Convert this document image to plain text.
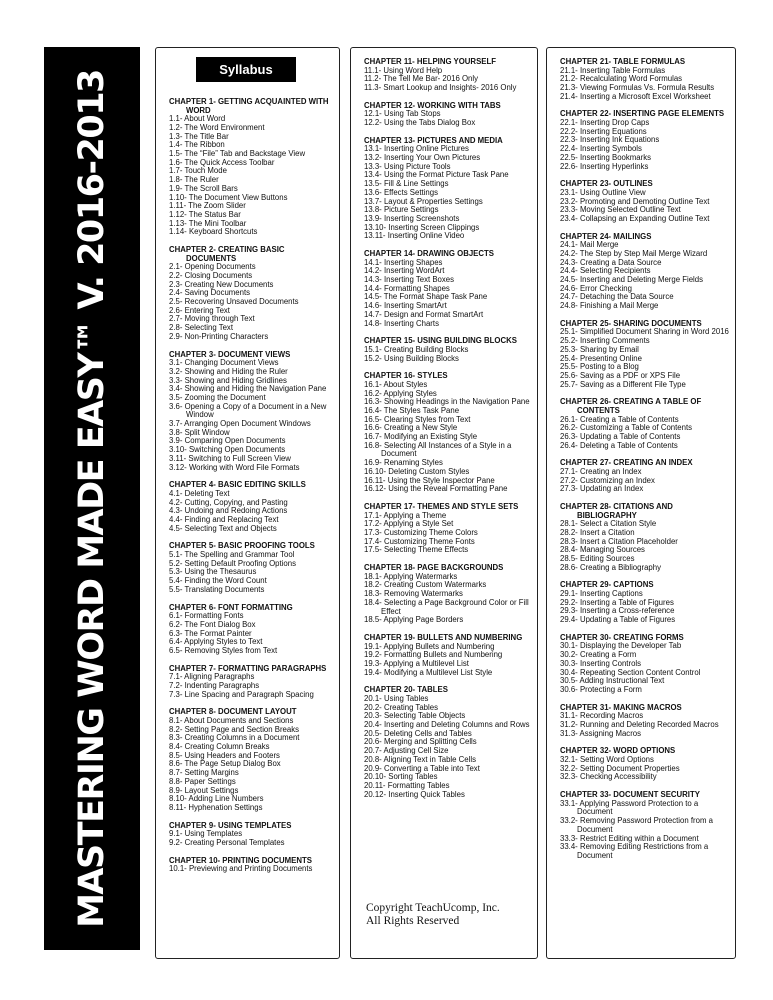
MASTERING WORD MADE EASY™ V. 2016-2013
Syllabus
CHAPTER 1- GETTING ACQUAINTED WITH WORD
1.1- About Word
1.2- The Word Environment
1.3- The Title Bar
1.4- The Ribbon
1.5- The “File” Tab and Backstage View
1.6- The Quick Access Toolbar
1.7- Touch Mode
1.8- The Ruler
1.9- The Scroll Bars
1.10- The Document View Buttons
1.11- The Zoom Slider
1.12- The Status Bar
1.13- The Mini Toolbar
1.14- Keyboard Shortcuts
CHAPTER 2- CREATING BASIC DOCUMENTS
2.1- Opening Documents
2.2- Closing Documents
2.3- Creating New Documents
2.4- Saving Documents
2.5- Recovering Unsaved Documents
2.6- Entering Text
2.7- Moving through Text
2.8- Selecting Text
2.9- Non-Printing Characters
CHAPTER 3- DOCUMENT VIEWS
3.1- Changing Document Views
3.2- Showing and Hiding the Ruler
3.3- Showing and Hiding Gridlines
3.4- Showing and Hiding the Navigation Pane
3.5- Zooming the Document
3.6- Opening a Copy of a Document in a New Window
3.7- Arranging Open Document Windows
3.8- Split Window
3.9- Comparing Open Documents
3.10- Switching Open Documents
3.11- Switching to Full Screen View
3.12- Working with Word File Formats
CHAPTER 4- BASIC EDITING SKILLS
4.1- Deleting Text
4.2- Cutting, Copying, and Pasting
4.3- Undoing and Redoing Actions
4.4- Finding and Replacing Text
4.5- Selecting Text and Objects
CHAPTER 5- BASIC PROOFING TOOLS
5.1- The Spelling and Grammar Tool
5.2- Setting Default Proofing Options
5.3- Using the Thesaurus
5.4- Finding the Word Count
5.5- Translating Documents
CHAPTER 6- FONT FORMATTING
6.1- Formatting Fonts
6.2- The Font Dialog Box
6.3- The Format Painter
6.4- Applying Styles to Text
6.5- Removing Styles from Text
CHAPTER 7- FORMATTING PARAGRAPHS
7.1- Aligning Paragraphs
7.2- Indenting Paragraphs
7.3- Line Spacing and Paragraph Spacing
CHAPTER 8- DOCUMENT LAYOUT
8.1- About Documents and Sections
8.2- Setting Page and Section Breaks
8.3- Creating Columns in a Document
8.4- Creating Column Breaks
8.5- Using Headers and Footers
8.6- The Page Setup Dialog Box
8.7- Setting Margins
8.8- Paper Settings
8.9- Layout Settings
8.10- Adding Line Numbers
8.11- Hyphenation Settings
CHAPTER 9- USING TEMPLATES
9.1- Using Templates
9.2- Creating Personal Templates
CHAPTER 10- PRINTING DOCUMENTS
10.1- Previewing and Printing Documents
CHAPTER 11- HELPING YOURSELF
11.1- Using Word Help
11.2- The Tell Me Bar- 2016 Only
11.3- Smart Lookup and Insights- 2016 Only
CHAPTER 12- WORKING WITH TABS
12.1- Using Tab Stops
12.2- Using the Tabs Dialog Box
CHAPTER 13- PICTURES AND MEDIA
13.1- Inserting Online Pictures
13.2- Inserting Your Own Pictures
13.3- Using Picture Tools
13.4- Using the Format Picture Task Pane
13.5- Fill & Line Settings
13.6- Effects Settings
13.7- Layout & Properties Settings
13.8- Picture Settings
13.9- Inserting Screenshots
13.10- Inserting Screen Clippings
13.11- Inserting Online Video
CHAPTER 14- DRAWING OBJECTS
14.1- Inserting Shapes
14.2- Inserting WordArt
14.3- Inserting Text Boxes
14.4- Formatting Shapes
14.5- The Format Shape Task Pane
14.6- Inserting SmartArt
14.7- Design and Format SmartArt
14.8- Inserting Charts
CHAPTER 15- USING BUILDING BLOCKS
15.1- Creating Building Blocks
15.2- Using Building Blocks
CHAPTER 16- STYLES
16.1- About Styles
16.2- Applying Styles
16.3- Showing Headings in the Navigation Pane
16.4- The Styles Task Pane
16.5- Clearing Styles from Text
16.6- Creating a New Style
16.7- Modifying an Existing Style
16.8- Selecting All Instances of a Style in a Document
16.9- Renaming Styles
16.10- Deleting Custom Styles
16.11- Using the Style Inspector Pane
16.12- Using the Reveal Formatting Pane
CHAPTER 17- THEMES AND STYLE SETS
17.1- Applying a Theme
17.2- Applying a Style Set
17.3- Customizing Theme Colors
17.4- Customizing Theme Fonts
17.5- Selecting Theme Effects
CHAPTER 18- PAGE BACKGROUNDS
18.1- Applying Watermarks
18.2- Creating Custom Watermarks
18.3- Removing Watermarks
18.4- Selecting a Page Background Color or Fill Effect
18.5- Applying Page Borders
CHAPTER 19- BULLETS AND NUMBERING
19.1- Applying Bullets and Numbering
19.2- Formatting Bullets and Numbering
19.3- Applying a Multilevel List
19.4- Modifying a Multilevel List Style
CHAPTER 20- TABLES
20.1- Using Tables
20.2- Creating Tables
20.3- Selecting Table Objects
20.4- Inserting and Deleting Columns and Rows
20.5- Deleting Cells and Tables
20.6- Merging and Splitting Cells
20.7- Adjusting Cell Size
20.8- Aligning Text in Table Cells
20.9- Converting a Table into Text
20.10- Sorting Tables
20.11- Formatting Tables
20.12- Inserting Quick Tables
CHAPTER 21- TABLE FORMULAS
21.1- Inserting Table Formulas
21.2- Recalculating Word Formulas
21.3- Viewing Formulas Vs. Formula Results
21.4- Inserting a Microsoft Excel Worksheet
CHAPTER 22- INSERTING PAGE ELEMENTS
22.1- Inserting Drop Caps
22.2- Inserting Equations
22.3- Inserting Ink Equations
22.4- Inserting Symbols
22.5- Inserting Bookmarks
22.6- Inserting Hyperlinks
CHAPTER 23- OUTLINES
23.1- Using Outline View
23.2- Promoting and Demoting Outline Text
23.3- Moving Selected Outline Text
23.4- Collapsing an Expanding Outline Text
CHAPTER 24- MAILINGS
24.1- Mail Merge
24.2- The Step by Step Mail Merge Wizard
24.3- Creating a Data Source
24.4- Selecting Recipients
24.5- Inserting and Deleting Merge Fields
24.6- Error Checking
24.7- Detaching the Data Source
24.8- Finishing a Mail Merge
CHAPTER 25- SHARING DOCUMENTS
25.1- Simplified Document Sharing in Word 2016
25.2- Inserting Comments
25.3- Sharing by Email
25.4- Presenting Online
25.5- Posting to a Blog
25.6- Saving as a PDF or XPS File
25.7- Saving as a Different File Type
CHAPTER 26- CREATING A TABLE OF CONTENTS
26.1- Creating a Table of Contents
26.2- Customizing a Table of Contents
26.3- Updating a Table of Contents
26.4- Deleting a Table of Contents
CHAPTER 27- CREATING AN INDEX
27.1- Creating an Index
27.2- Customizing an Index
27.3- Updating an Index
CHAPTER 28- CITATIONS AND BIBLIOGRAPHY
28.1- Select a Citation Style
28.2- Insert a Citation
28.3- Insert a Citation Placeholder
28.4- Managing Sources
28.5- Editing Sources
28.6- Creating a Bibliography
CHAPTER 29- CAPTIONS
29.1- Inserting Captions
29.2- Inserting a Table of Figures
29.3- Inserting a Cross-reference
29.4- Updating a Table of Figures
CHAPTER 30- CREATING FORMS
30.1- Displaying the Developer Tab
30.2- Creating a Form
30.3- Inserting Controls
30.4- Repeating Section Content Control
30.5- Adding Instructional Text
30.6- Protecting a Form
CHAPTER 31- MAKING MACROS
31.1- Recording Macros
31.2- Running and Deleting Recorded Macros
31.3- Assigning Macros
CHAPTER 32- WORD OPTIONS
32.1- Setting Word Options
32.2- Setting Document Properties
32.3- Checking Accessibility
CHAPTER 33- DOCUMENT SECURITY
33.1- Applying Password Protection to a Document
33.2- Removing Password Protection from a Document
33.3- Restrict Editing within a Document
33.4- Removing Editing Restrictions from a Document
Copyright TeachUcomp, Inc.
All Rights Reserved
